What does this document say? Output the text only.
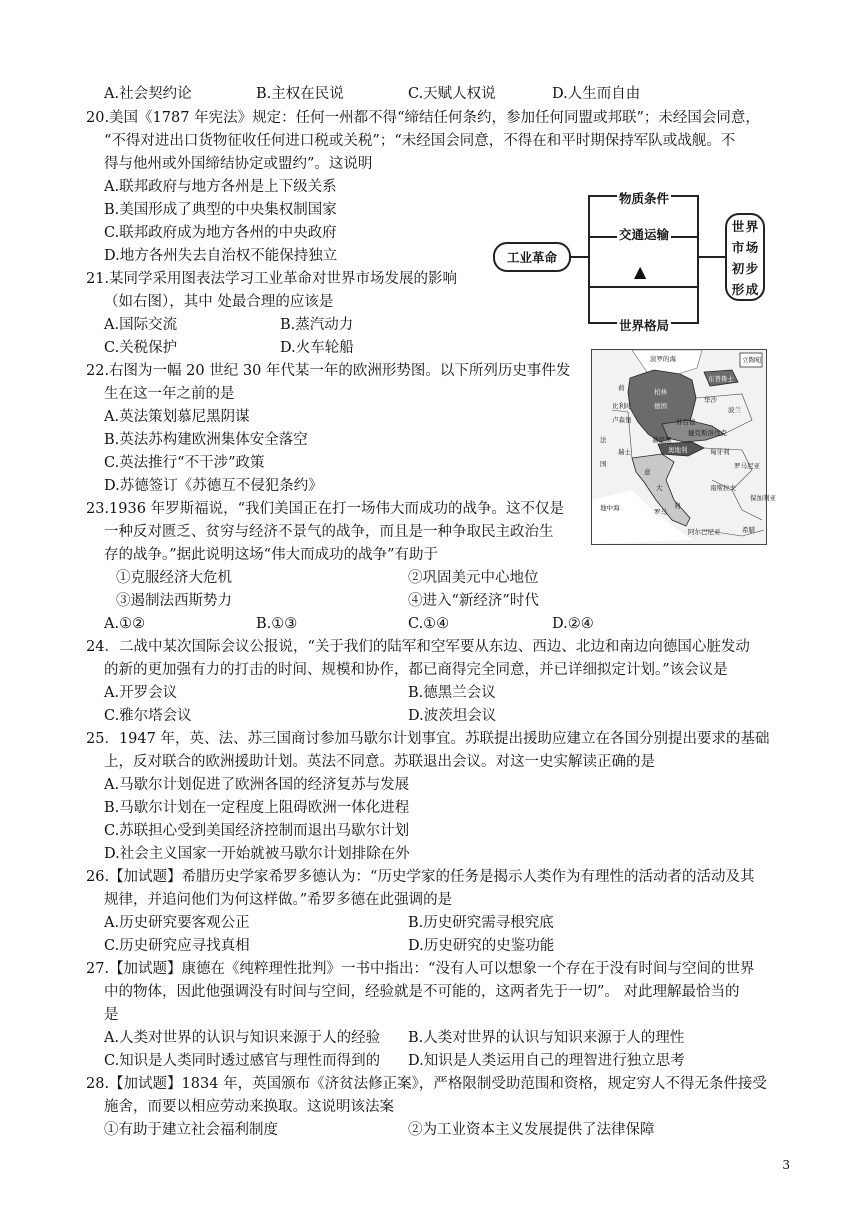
A.社会契约论	B.主权在民说	C.天赋人权说	D.人生而自由
20.美国《1787 年宪法》规定：任何一州都不得“缔结任何条约，参加任何同盟或邦联”；未经国会同意，
“不得对进出口货物征收任何进口税或关税”；“未经国会同意，不得在和平时期保持军队或战舰。不
得与他州或外国缔结协定或盟约”。这说明
A.联邦政府与地方各州是上下级关系
B.美国形成了典型的中央集权制国家
C.联邦政府成为地方各州的中央政府
D.地方各州失去自治权不能保持独立	工业革命
物质条件
交通运输
▲
世界格局
世 界
市 场
初 步
形 成
21.某同学采用图表法学习工业革命对世界市场发展的影响
（如右图），其中 处最合理的应该是
A.国际交流	B.蒸汽动力
C.关税保护	D.火车轮船
22.右图为一幅 20 世纪 30 年代某一年的欧洲形势图。以下所列历史事件发
生在这一年之前的是
A.英法策划慕尼黑阴谋
B.英法苏构建欧洲集体安全落空
C.英法推行“不干涉”政策
D.苏德签订《苏德互不侵犯条约》
波罗的海	立陶宛
东普鲁士
柏林
德国
华沙
波兰
荷
比利时
卢森堡	苏台德
捷克斯洛伐克
慕尼黑
奥地利	匈牙利
法
国
瑞士
罗马尼亚
南斯拉夫
意
大
利
罗马
地中海
阿尔巴尼亚	希腊
保加利亚
23.1936 年罗斯福说，“我们美国正在打一场伟大而成功的战争。这不仅是
一种反对匮乏、贫穷与经济不景气的战争，而且是一种争取民主政治生
存的战争。”据此说明这场“伟大而成功的战争”有助于
①克服经济大危机	②巩固美元中心地位
③遏制法西斯势力	④进入“新经济”时代
A.①②	B.①③	C.①④	D.②④
24．二战中某次国际会议公报说，“关于我们的陆军和空军要从东边、西边、北边和南边向德国心脏发动
的新的更加强有力的打击的时间、规模和协作，都已商得完全同意，并已详细拟定计划。”该会议是
A.开罗会议	B.德黑兰会议
C.雅尔塔会议	D.波茨坦会议
25．1947 年，英、法、苏三国商讨参加马歇尔计划事宜。苏联提出援助应建立在各国分别提出要求的基础
上，反对联合的欧洲援助计划。英法不同意。苏联退出会议。对这一史实解读正确的是
A.马歇尔计划促进了欧洲各国的经济复苏与发展
B.马歇尔计划在一定程度上阻碍欧洲一体化进程
C.苏联担心受到美国经济控制而退出马歇尔计划
D.社会主义国家一开始就被马歇尔计划排除在外
26.【加试题】希腊历史学家希罗多德认为：“历史学家的任务是揭示人类作为有理性的活动者的活动及其
规律，并追问他们为何这样做。”希罗多德在此强调的是
A.历史研究要客观公正	B.历史研究需寻根究底
C.历史研究应寻找真相	D.历史研究的史鉴功能
27.【加试题】康德在《纯粹理性批判》一书中指出：“没有人可以想象一个存在于没有时间与空间的世界
中的物体，因此他强调没有时间与空间，经验就是不可能的，这两者先于一切”。 对此理解最恰当的
是
A.人类对世界的认识与知识来源于人的经验 B.人类对世界的认识与知识来源于人的理性
C.知识是人类同时透过感官与理性而得到的 D.知识是人类运用自己的理智进行独立思考
28.【加试题】1834 年，英国颁布《济贫法修正案》，严格限制受助范围和资格，规定穷人不得无条件接受
施舍，而要以相应劳动来换取。这说明该法案
①有助于建立社会福利制度	②为工业资本主义发展提供了法律保障
3
